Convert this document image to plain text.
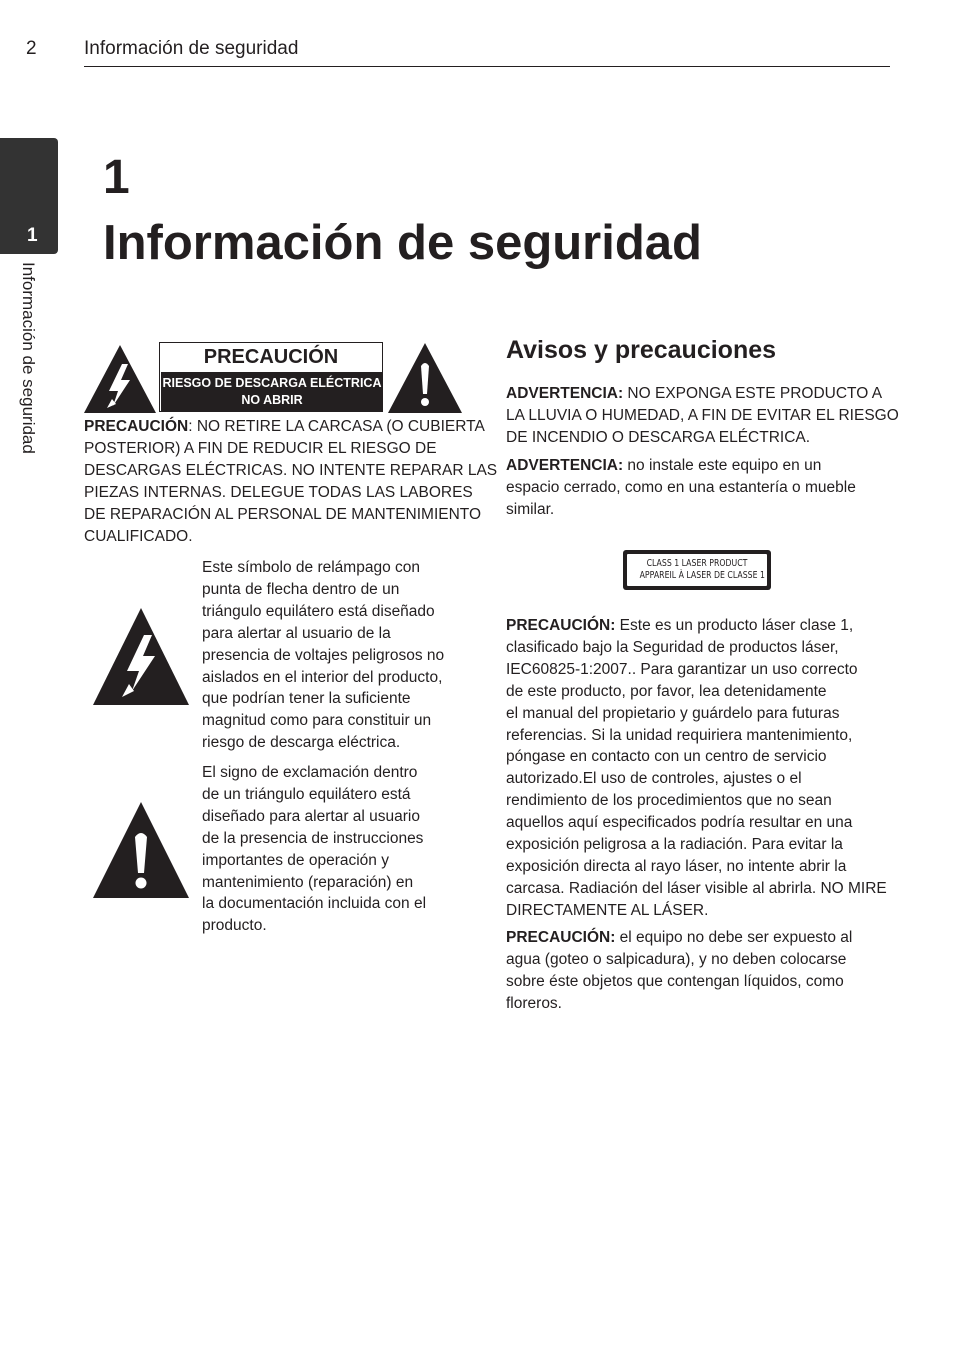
2 Información de seguridad
1
Información de seguridad
1
Información de seguridad
PRECAUCIÓN
RIESGO DE DESCARGA ELÉCTRICA
NO ABRIR
PRECAUCIÓN: NO RETIRE LA CARCASA (O CUBIERTA
POSTERIOR) A FIN DE REDUCIR EL RIESGO DE
DESCARGAS ELÉCTRICAS. NO INTENTE REPARAR LAS
PIEZAS INTERNAS. DELEGUE TODAS LAS LABORES
DE REPARACIÓN AL PERSONAL DE MANTENIMIENTO
CUALIFICADO.
Este símbolo de relámpago con
punta de flecha dentro de un
triángulo equilátero está diseñado
para alertar al usuario de la
presencia de voltajes peligrosos no
aislados en el interior del producto,
que podrían tener la suficiente
magnitud como para constituir un
riesgo de descarga eléctrica.
El signo de exclamación dentro
de un triángulo equilátero está
diseñado para alertar al usuario
de la presencia de instrucciones
importantes de operación y
mantenimiento (reparación) en
la documentación incluida con el
producto.
Avisos y precauciones
ADVERTENCIA: NO EXPONGA ESTE PRODUCTO A
LA LLUVIA O HUMEDAD, A FIN DE EVITAR EL RIESGO
DE INCENDIO O DESCARGA ELÉCTRICA.
ADVERTENCIA: no instale este equipo en un
espacio cerrado, como en una estantería o mueble
similar.
CLASS 1 LASER PRODUCT
APPAREIL À LASER DE CLASSE 1
PRECAUCIÓN: Este es un producto láser clase 1,
clasificado bajo la Seguridad de productos láser,
IEC60825-1:2007.. Para garantizar un uso correcto
de este producto, por favor, lea detenidamente
el manual del propietario y guárdelo para futuras
referencias. Si la unidad requiriera mantenimiento,
póngase en contacto con un centro de servicio
autorizado.El uso de controles, ajustes o el
rendimiento de los procedimientos que no sean
aquellos aquí especificados podría resultar en una
exposición peligrosa a la radiación. Para evitar la
exposición directa al rayo láser, no intente abrir la
carcasa. Radiación del láser visible al abrirla. NO MIRE
DIRECTAMENTE AL LÁSER.
PRECAUCIÓN: el equipo no debe ser expuesto al
agua (goteo o salpicadura), y no deben colocarse
sobre éste objetos que contengan líquidos, como
floreros.
